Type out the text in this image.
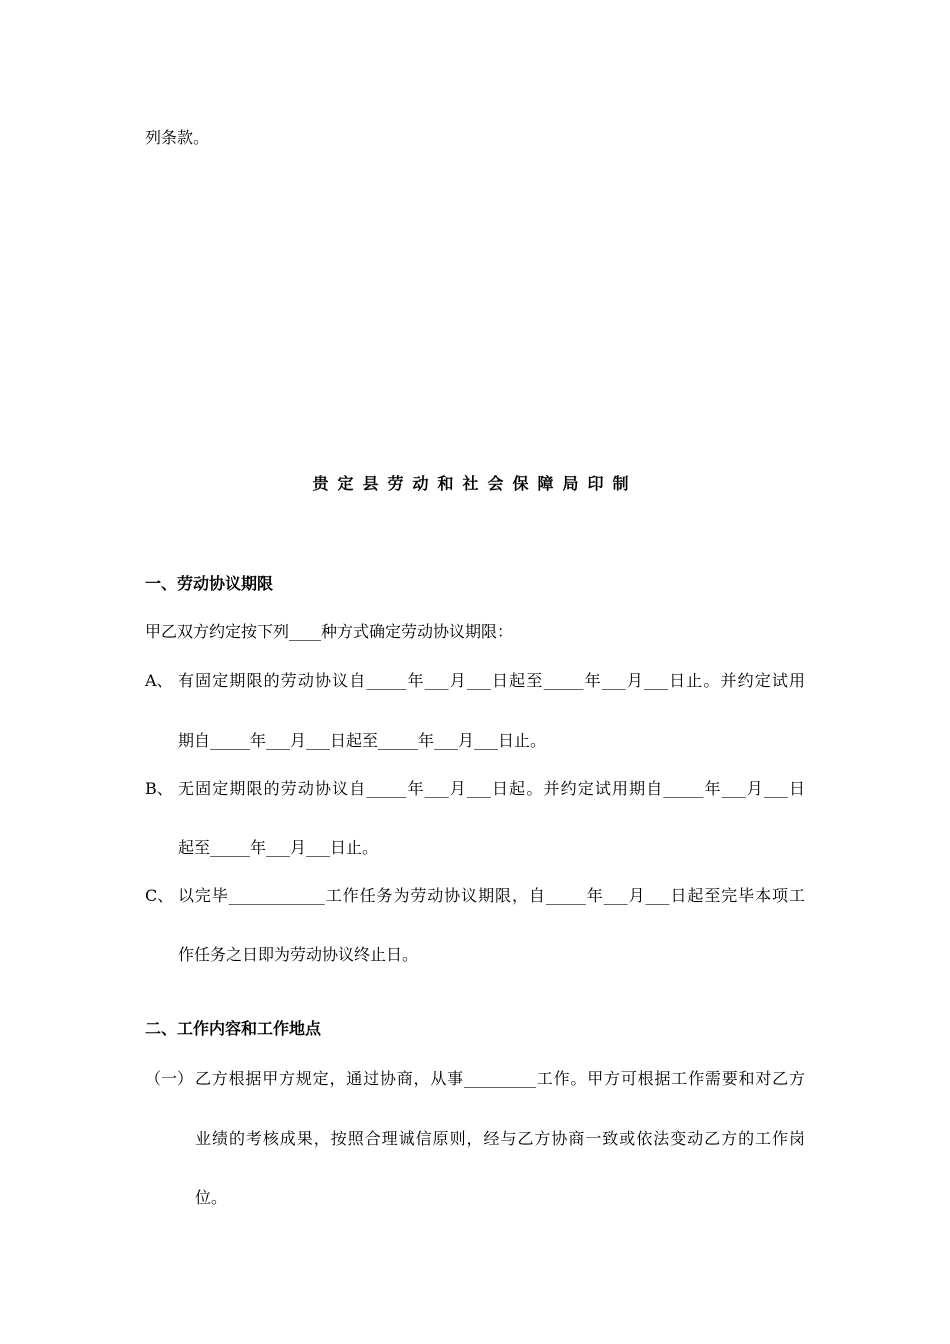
列条款。
贵定县劳动和社会保障局印制
一、劳动协议期限
甲乙双方约定按下列____种方式确定劳动协议期限：
A、 有固定期限的劳动协议自_____年___月___日起至_____年___月___日止。并约定试用
期自_____年___月___日起至_____年___月___日止。
B、 无固定期限的劳动协议自_____年___月___日起。并约定试用期自_____年___月___日
起至_____年___月___日止。
C、 以完毕____________工作任务为劳动协议期限，自_____年___月___日起至完毕本项工
作任务之日即为劳动协议终止日。
二、工作内容和工作地点
（一） 乙方根据甲方规定，通过协商，从事_________工作。甲方可根据工作需要和对乙方
业绩的考核成果，按照合理诚信原则，经与乙方协商一致或依法变动乙方的工作岗
位。
